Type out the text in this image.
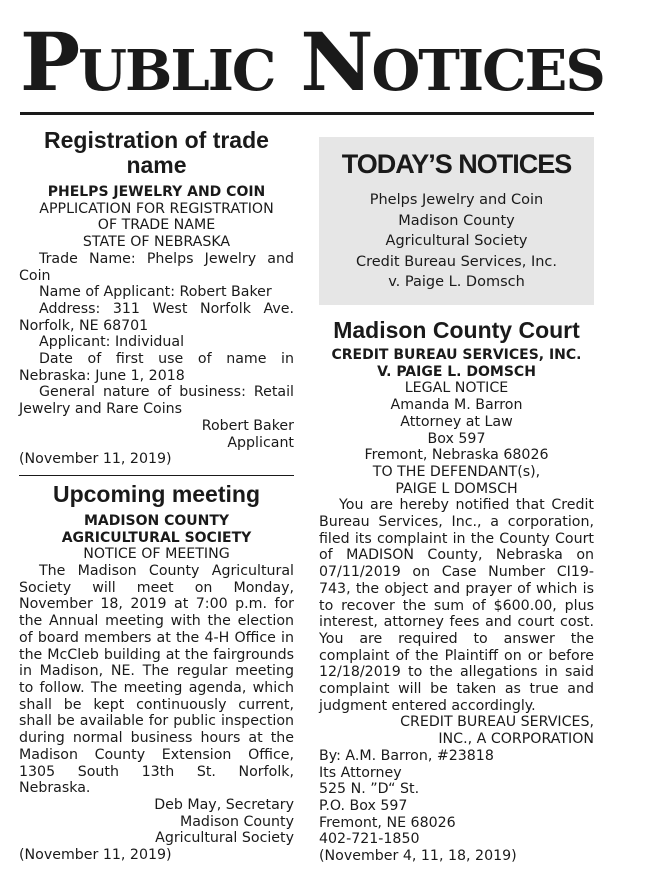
Public Notices
Registration of trade name
PHELPS JEWELRY AND COIN
APPLICATION FOR REGISTRATION
OF TRADE NAME
STATE OF NEBRASKA

Trade Name: Phelps Jewelry and Coin

Name of Applicant: Robert Baker

Address: 311 West Norfolk Ave. Norfolk, NE 68701

Applicant: Individual

Date of first use of name in Nebraska: June 1, 2018

General nature of business: Retail Jewelry and Rare Coins

Robert Baker
Applicant
(November 11, 2019)
Upcoming meeting
MADISON COUNTY
AGRICULTURAL SOCIETY
NOTICE OF MEETING

The Madison County Agricultural Society will meet on Monday, November 18, 2019 at 7:00 p.m. for the Annual meeting with the election of board members at the 4-H Office in the McCleb building at the fairgrounds in Madison, NE. The regular meeting to follow. The meeting agenda, which shall be kept continuously current, shall be available for public inspection during normal business hours at the Madison County Extension Office, 1305 South 13th St. Norfolk, Nebraska.

Deb May, Secretary
Madison County
Agricultural Society
(November 11, 2019)
TODAY’S NOTICES
Phelps Jewelry and Coin
Madison County
Agricultural Society
Credit Bureau Services, Inc.
v. Paige L. Domsch
Madison County Court
CREDIT BUREAU SERVICES, INC.
V. PAIGE L. DOMSCH
LEGAL NOTICE
Amanda M. Barron
Attorney at Law
Box 597
Fremont, Nebraska 68026
TO THE DEFENDANT(s),
PAIGE L DOMSCH

You are hereby notified that Credit Bureau Services, Inc., a corporation, filed its complaint in the County Court of MADISON County, Nebraska on 07/11/2019 on Case Number CI19-743, the object and prayer of which is to recover the sum of $600.00, plus interest, attorney fees and court cost. You are required to answer the complaint of the Plaintiff on or before 12/18/2019 to the allegations in said complaint will be taken as true and judgment entered accordingly.

CREDIT BUREAU SERVICES,
INC., A CORPORATION
By: A.M. Barron, #23818
Its Attorney
525 N. ”D“ St.
P.O. Box 597
Fremont, NE 68026
402-721-1850
(November 4, 11, 18, 2019)
